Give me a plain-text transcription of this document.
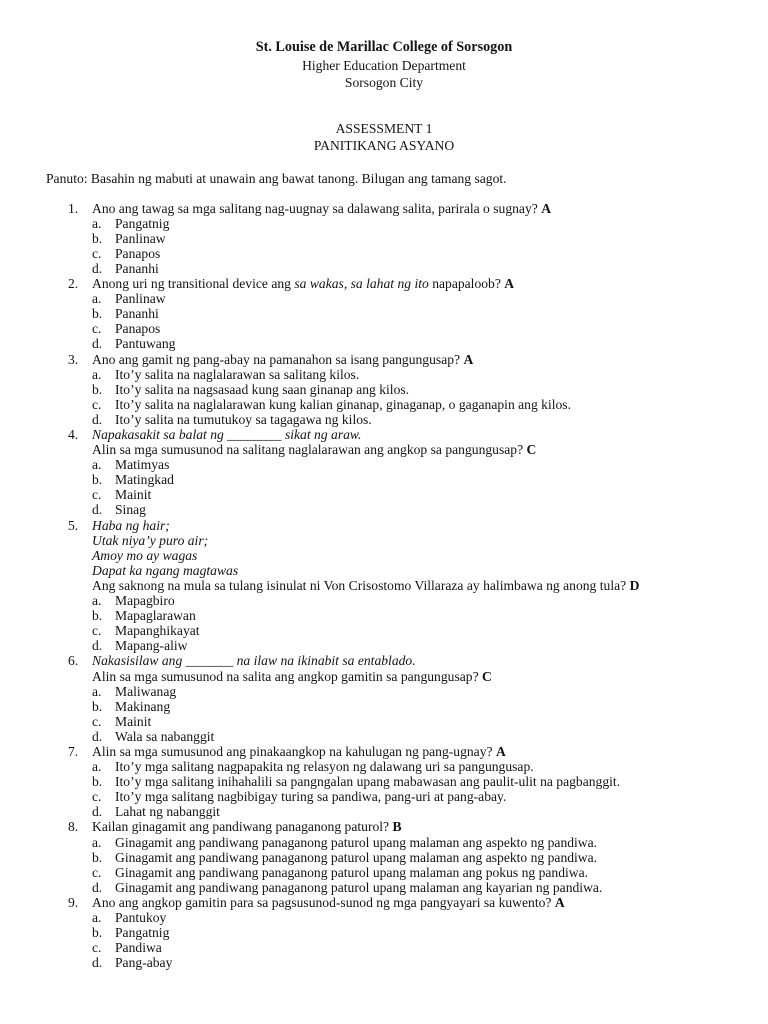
St. Louise de Marillac College of Sorsogon
Higher Education Department
Sorsogon City
ASSESSMENT 1
PANITIKANG ASYANO
Panuto: Basahin ng mabuti at unawain ang bawat tanong. Bilugan ang tamang sagot.
1. Ano ang tawag sa mga salitang nag-uugnay sa dalawang salita, parirala o sugnay? A
a. Pangatnig
b. Panlinaw
c. Panapos
d. Pananhi
2. Anong uri ng transitional device ang sa wakas, sa lahat ng ito napapaloob? A
a. Panlinaw
b. Pananhi
c. Panapos
d. Pantuwang
3. Ano ang gamit ng pang-abay na pamanahon sa isang pangungusap? A
a. Ito’y salita na naglalarawan sa salitang kilos.
b. Ito’y salita na nagsasaad kung saan ginanap ang kilos.
c. Ito’y salita na naglalarawan kung kalian ginanap, ginaganap, o gaganapin ang kilos.
d. Ito’y salita na tumutukoy sa tagagawa ng kilos.
4. Napakasakit sa balat ng ________ sikat ng araw.
Alin sa mga sumusunod na salitang naglalarawan ang angkop sa pangungusap? C
a. Matimyas
b. Matingkad
c. Mainit
d. Sinag
5. Haba ng hair;
Utak niya’y puro air;
Amoy mo ay wagas
Dapat ka ngang magtawas
Ang saknong na mula sa tulang isinulat ni Von Crisostomo Villaraza ay halimbawa ng anong tula? D
a. Mapagbiro
b. Mapaglarawan
c. Mapanghikayat
d. Mapang-aliw
6. Nakasisilaw ang _______ na ilaw na ikinabit sa entablado.
Alin sa mga sumusunod na salita ang angkop gamitin sa pangungusap? C
a. Maliwanag
b. Makinang
c. Mainit
d. Wala sa nabanggit
7. Alin sa mga sumusunod ang pinakaangkop na kahulugan ng pang-ugnay? A
a. Ito’y mga salitang nagpapakita ng relasyon ng dalawang uri sa pangungusap.
b. Ito’y mga salitang inihahalili sa pangngalan upang mabawasan ang paulit-ulit na pagbanggit.
c. Ito’y mga salitang nagbibigay turing sa pandiwa, pang-uri at pang-abay.
d. Lahat ng nabanggit
8. Kailan ginagamit ang pandiwang panaganong paturol? B
a. Ginagamit ang pandiwang panaganong paturol upang malaman ang aspekto ng pandiwa.
b. Ginagamit ang pandiwang panaganong paturol upang malaman ang aspekto ng pandiwa.
c. Ginagamit ang pandiwang panaganong paturol upang malaman ang pokus ng pandiwa.
d. Ginagamit ang pandiwang panaganong paturol upang malaman ang kayarian ng pandiwa.
9. Ano ang angkop gamitin para sa pagsusunod-sunod ng mga pangyayari sa kuwento? A
a. Pantukoy
b. Pangatnig
c. Pandiwa
d. Pang-abay
